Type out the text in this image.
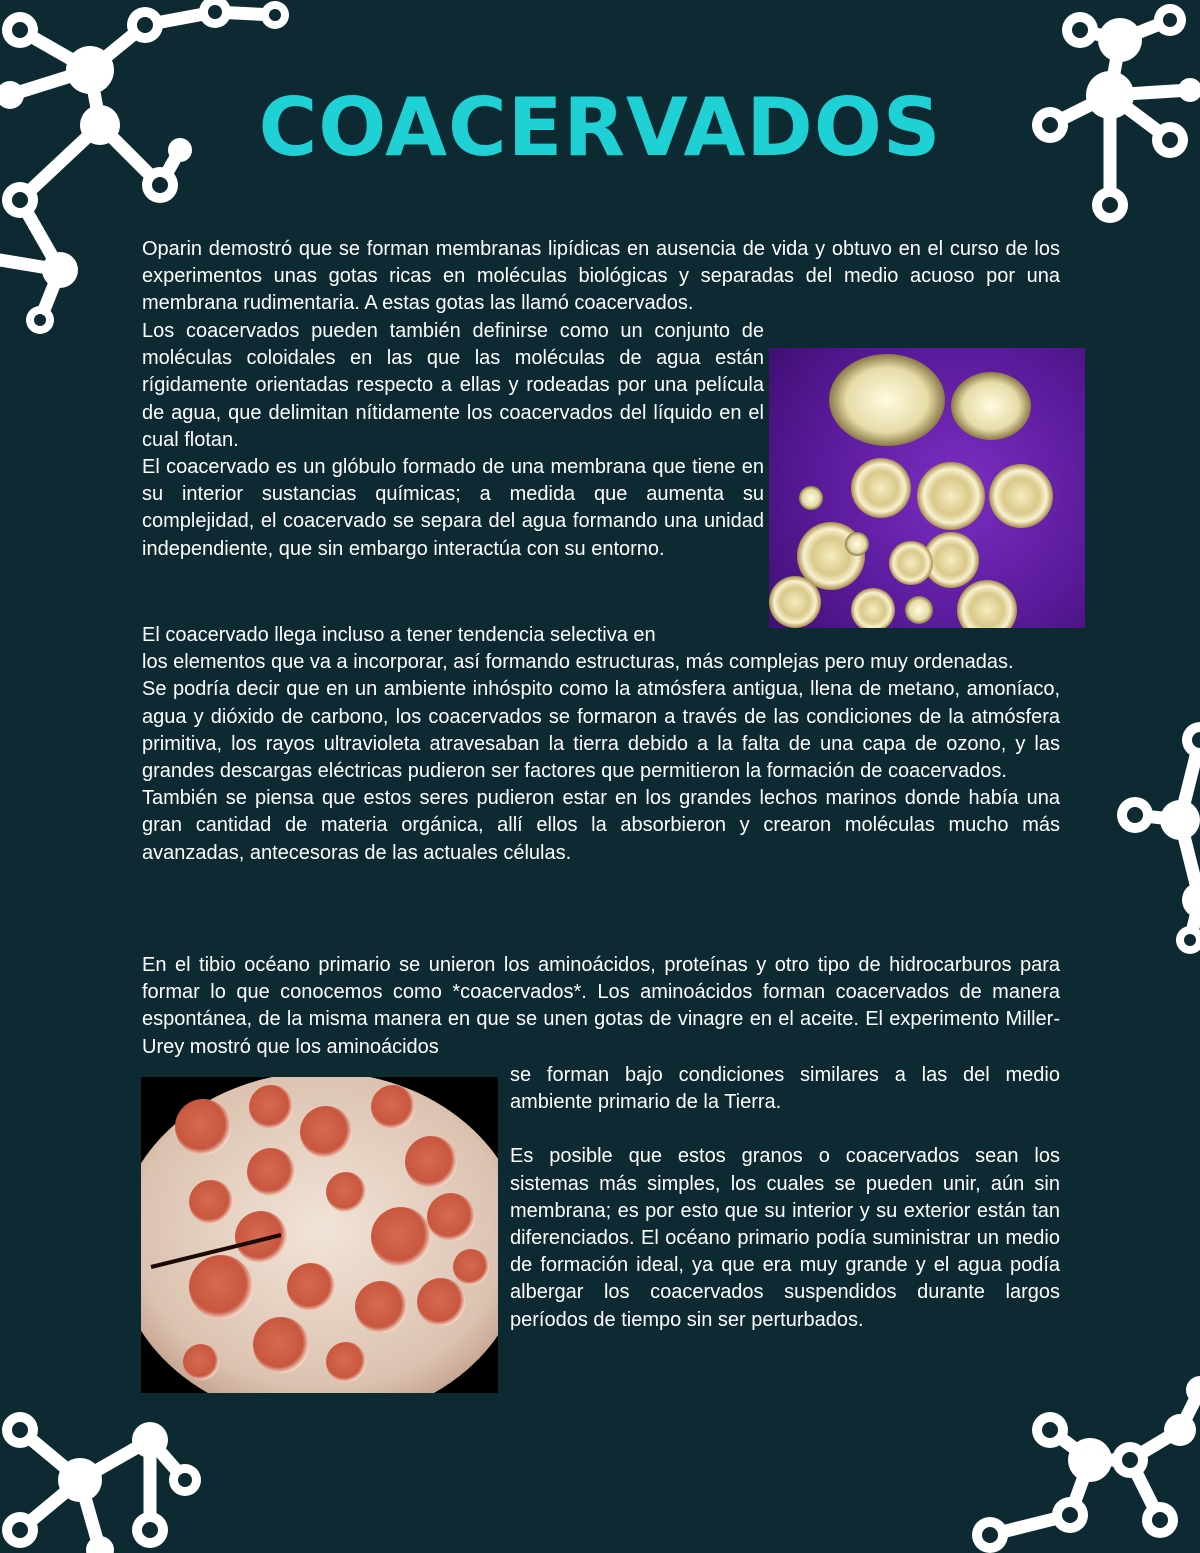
COACERVADOS

Oparin demostró que se forman membranas lipídicas en ausencia de vida y obtuvo en el curso de los experimentos unas gotas ricas en moléculas biológicas y separadas del medio acuoso por una membrana rudimentaria. A estas gotas las llamó coacervados.

Los coacervados pueden también definirse como un conjunto de moléculas coloidales en las que las moléculas de agua están rígidamente orientadas respecto a ellas y rodeadas por una película de agua, que delimitan nítidamente los coacervados del líquido en el cual flotan.

El coacervado es un glóbulo formado de una membrana que tiene en su interior sustancias químicas; a medida que aumenta su complejidad, el coacervado se separa del agua formando una unidad independiente, que sin embargo interactúa con su entorno.

El coacervado llega incluso a tener tendencia selectiva en

los elementos que va a incorporar, así formando estructuras, más complejas pero muy ordenadas.

Se podría decir que en un ambiente inhóspito como la atmósfera antigua, llena de metano, amoníaco, agua y dióxido de carbono, los coacervados se formaron a través de las condiciones de la atmósfera primitiva, los rayos ultravioleta atravesaban la tierra debido a la falta de una capa de ozono, y las grandes descargas eléctricas pudieron ser factores que permitieron la formación de coacervados.

También se piensa que estos seres pudieron estar en los grandes lechos marinos donde había una gran cantidad de materia orgánica, allí ellos la absorbieron y crearon moléculas mucho más avanzadas, antecesoras de las actuales células.

En el tibio océano primario se unieron los aminoácidos, proteínas y otro tipo de hidrocarburos para formar lo que conocemos como *coacervados*. Los aminoácidos forman coacervados de manera espontánea, de la misma manera en que se unen gotas de vinagre en el aceite. El experimento Miller-Urey mostró que los aminoácidos

se forman bajo condiciones similares a las del medio ambiente primario de la Tierra.

Es posible que estos granos o coacervados sean los sistemas más simples, los cuales se pueden unir, aún sin membrana; es por esto que su interior y su exterior están tan diferenciados. El océano primario podía suministrar un medio de formación ideal, ya que era muy grande y el agua podía albergar los coacervados suspendidos durante largos períodos de tiempo sin ser perturbados.
